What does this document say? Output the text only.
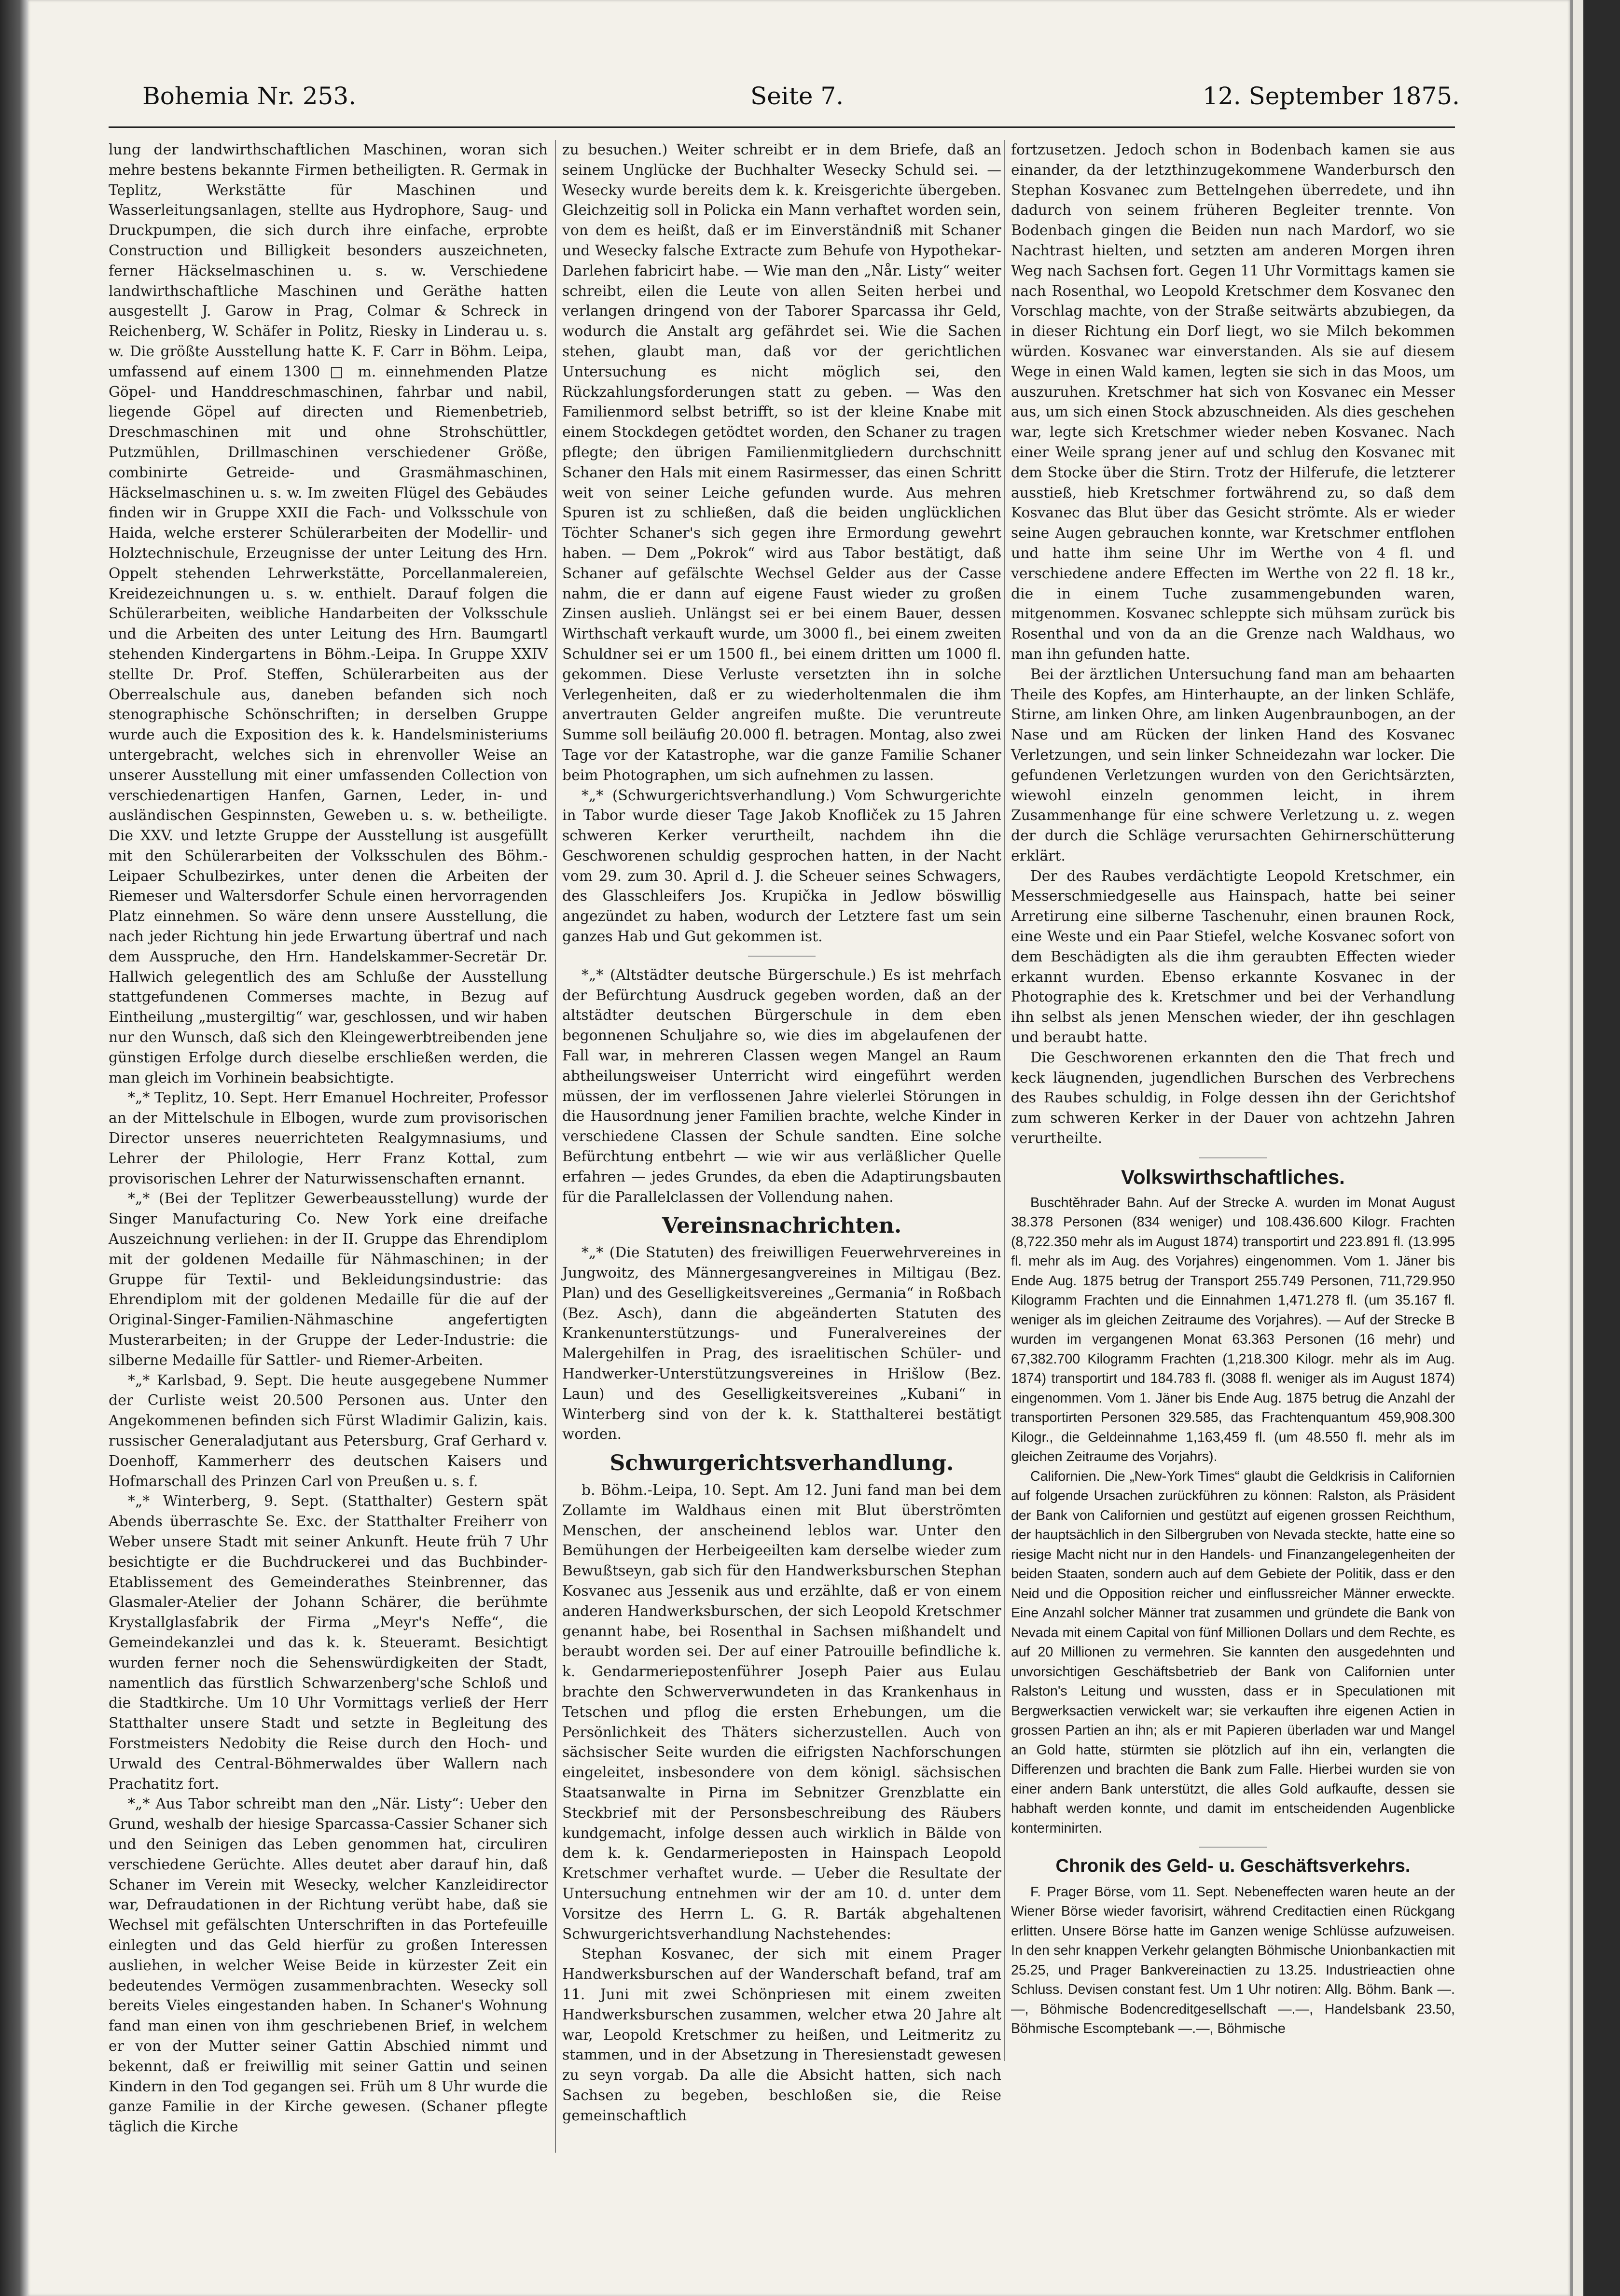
Bohemia Nr. 253.	Seite 7.	12. September 1875.

lung der landwirthschaftlichen Maschinen, woran sich mehre bestens bekannte Firmen betheiligten. R. Germak in Teplitz, Werkstätte für Maschinen und Wasserleitungsanlagen, stellte aus Hydrophore, Saug- und Druckpumpen, die sich durch ihre einfache, erprobte Construction und Billigkeit besonders auszeichneten, ferner Häckselmaschinen u. s. w. Verschiedene landwirthschaftliche Maschinen und Geräthe hatten ausgestellt J. Garow in Prag, Colmar & Schreck in Reichenberg, W. Schäfer in Politz, Riesky in Linderau u. s. w. Die größte Ausstellung hatte K. F. Carr in Böhm. Leipa, umfassend auf einem 1300 □ m. einnehmenden Platze Göpel- und Handdreschmaschinen, fahrbar und nabil, liegende Göpel auf directen und Riemenbetrieb, Dreschmaschinen mit und ohne Strohschüttler, Putzmühlen, Drillmaschinen verschiedener Größe, combinirte Getreide- und Grasmähmaschinen, Häckselmaschinen u. s. w. Im zweiten Flügel des Gebäudes finden wir in Gruppe XXII die Fach- und Volksschule von Haida, welche ersterer Schülerarbeiten der Modellir- und Holztechnischule, Erzeugnisse der unter Leitung des Hrn. Oppelt stehenden Lehrwerkstätte, Porcellanmalereien, Kreidezeichnungen u. s. w. enthielt. Darauf folgen die Schülerarbeiten, weibliche Handarbeiten der Volksschule und die Arbeiten des unter Leitung des Hrn. Baumgartl stehenden Kindergartens in Böhm.-Leipa. In Gruppe XXIV stellte Dr. Prof. Steffen, Schülerarbeiten aus der Oberrealschule aus, daneben befanden sich noch stenographische Schönschriften; in derselben Gruppe wurde auch die Exposition des k. k. Handelsministeriums untergebracht, welches sich in ehrenvoller Weise an unserer Ausstellung mit einer umfassenden Collection von verschiedenartigen Hanfen, Garnen, Leder, in- und ausländischen Gespinnsten, Geweben u. s. w. betheiligte. Die XXV. und letzte Gruppe der Ausstellung ist ausgefüllt mit den Schülerarbeiten der Volksschulen des Böhm.-Leipaer Schulbezirkes, unter denen die Arbeiten der Riemeser und Waltersdorfer Schule einen hervorragenden Platz einnehmen. So wäre denn unsere Ausstellung, die nach jeder Richtung hin jede Erwartung übertraf und nach dem Ausspruche, den Hrn. Handelskammer-Secretär Dr. Hallwich gelegentlich des am Schluße der Ausstellung stattgefundenen Commerses machte, in Bezug auf Eintheilung „mustergiltig“ war, geschlossen, und wir haben nur den Wunsch, daß sich den Kleingewerbtreibenden jene günstigen Erfolge durch dieselbe erschließen werden, die man gleich im Vorhinein beabsichtigte.

*„* Teplitz, 10. Sept. Herr Emanuel Hochreiter, Professor an der Mittelschule in Elbogen, wurde zum provisorischen Director unseres neuerrichteten Realgymnasiums, und Lehrer der Philologie, Herr Franz Kottal, zum provisorischen Lehrer der Naturwissenschaften ernannt.

*„* (Bei der Teplitzer Gewerbeausstellung) wurde der Singer Manufacturing Co. New York eine dreifache Auszeichnung verliehen: in der II. Gruppe das Ehrendiplom mit der goldenen Medaille für Nähmaschinen; in der Gruppe für Textil- und Bekleidungsindustrie: das Ehrendiplom mit der goldenen Medaille für die auf der Original-Singer-Familien-Nähmaschine angefertigten Musterarbeiten; in der Gruppe der Leder-Industrie: die silberne Medaille für Sattler- und Riemer-Arbeiten.

*„* Karlsbad, 9. Sept. Die heute ausgegebene Nummer der Curliste weist 20.500 Personen aus. Unter den Angekommenen befinden sich Fürst Wladimir Galizin, kais. russischer Generaladjutant aus Petersburg, Graf Gerhard v. Doenhoff, Kammerherr des deutschen Kaisers und Hofmarschall des Prinzen Carl von Preußen u. s. f.

*„* Winterberg, 9. Sept. (Statthalter) Gestern spät Abends überraschte Se. Exc. der Statthalter Freiherr von Weber unsere Stadt mit seiner Ankunft. Heute früh 7 Uhr besichtigte er die Buchdruckerei und das Buchbinder-Etablissement des Gemeinderathes Steinbrenner, das Glasmaler-Atelier der Johann Schärer, die berühmte Krystallglasfabrik der Firma „Meyr's Neffe“, die Gemeindekanzlei und das k. k. Steueramt. Besichtigt wurden ferner noch die Sehenswürdigkeiten der Stadt, namentlich das fürstlich Schwarzenberg'sche Schloß und die Stadtkirche. Um 10 Uhr Vormittags verließ der Herr Statthalter unsere Stadt und setzte in Begleitung des Forstmeisters Nedobity die Reise durch den Hoch- und Urwald des Central-Böhmerwaldes über Wallern nach Prachatitz fort.

*„* Aus Tabor schreibt man den „När. Listy“: Ueber den Grund, weshalb der hiesige Sparcassa-Cassier Schaner sich und den Seinigen das Leben genommen hat, circuliren verschiedene Gerüchte. Alles deutet aber darauf hin, daß Schaner im Verein mit Wesecky, welcher Kanzleidirector war, Defraudationen in der Richtung verübt habe, daß sie Wechsel mit gefälschten Unterschriften in das Portefeuille einlegten und das Geld hierfür zu großen Interessen ausliehen, in welcher Weise Beide in kürzester Zeit ein bedeutendes Vermögen zusammenbrachten. Wesecky soll bereits Vieles eingestanden haben. In Schaner's Wohnung fand man einen von ihm geschriebenen Brief, in welchem er von der Mutter seiner Gattin Abschied nimmt und bekennt, daß er freiwillig mit seiner Gattin und seinen Kindern in den Tod gegangen sei. Früh um 8 Uhr wurde die ganze Familie in der Kirche gewesen. (Schaner pflegte täglich die Kirche

zu besuchen.) Weiter schreibt er in dem Briefe, daß an seinem Unglücke der Buchhalter Wesecky Schuld sei. — Wesecky wurde bereits dem k. k. Kreisgerichte übergeben. Gleichzeitig soll in Policka ein Mann verhaftet worden sein, von dem es heißt, daß er im Einverständniß mit Schaner und Wesecky falsche Extracte zum Behufe von Hypothekar-Darlehen fabricirt habe. — Wie man den „Når. Listy“ weiter schreibt, eilen die Leute von allen Seiten herbei und verlangen dringend von der Taborer Sparcassa ihr Geld, wodurch die Anstalt arg gefährdet sei. Wie die Sachen stehen, glaubt man, daß vor der gerichtlichen Untersuchung es nicht möglich sei, den Rückzahlungsforderungen statt zu geben. — Was den Familienmord selbst betrifft, so ist der kleine Knabe mit einem Stockdegen getödtet worden, den Schaner zu tragen pflegte; den übrigen Familienmitgliedern durchschnitt Schaner den Hals mit einem Rasirmesser, das einen Schritt weit von seiner Leiche gefunden wurde. Aus mehren Spuren ist zu schließen, daß die beiden unglücklichen Töchter Schaner's sich gegen ihre Ermordung gewehrt haben. — Dem „Pokrok“ wird aus Tabor bestätigt, daß Schaner auf gefälschte Wechsel Gelder aus der Casse nahm, die er dann auf eigene Faust wieder zu großen Zinsen auslieh. Unlängst sei er bei einem Bauer, dessen Wirthschaft verkauft wurde, um 3000 fl., bei einem zweiten Schuldner sei er um 1500 fl., bei einem dritten um 1000 fl. gekommen. Diese Verluste versetzten ihn in solche Verlegenheiten, daß er zu wiederholtenmalen die ihm anvertrauten Gelder angreifen mußte. Die veruntreute Summe soll beiläufig 20.000 fl. betragen. Montag, also zwei Tage vor der Katastrophe, war die ganze Familie Schaner beim Photographen, um sich aufnehmen zu lassen.

*„* (Schwurgerichtsverhandlung.) Vom Schwurgerichte in Tabor wurde dieser Tage Jakob Knofliček zu 15 Jahren schweren Kerker verurtheilt, nachdem ihn die Geschworenen schuldig gesprochen hatten, in der Nacht vom 29. zum 30. April d. J. die Scheuer seines Schwagers, des Glasschleifers Jos. Krupička in Jedlow böswillig angezündet zu haben, wodurch der Letztere fast um sein ganzes Hab und Gut gekommen ist.

*„* (Altstädter deutsche Bürgerschule.) Es ist mehrfach der Befürchtung Ausdruck gegeben worden, daß an der altstädter deutschen Bürgerschule in dem eben begonnenen Schuljahre so, wie dies im abgelaufenen der Fall war, in mehreren Classen wegen Mangel an Raum abtheilungsweiser Unterricht wird eingeführt werden müssen, der im verflossenen Jahre vielerlei Störungen in die Hausordnung jener Familien brachte, welche Kinder in verschiedene Classen der Schule sandten. Eine solche Befürchtung entbehrt — wie wir aus verläßlicher Quelle erfahren — jedes Grundes, da eben die Adaptirungsbauten für die Parallelclassen der Vollendung nahen.

Vereinsnachrichten.

*„* (Die Statuten) des freiwilligen Feuerwehrvereines in Jungwoitz, des Männergesangvereines in Miltigau (Bez. Plan) und des Geselligkeitsvereines „Germania“ in Roßbach (Bez. Asch), dann die abgeänderten Statuten des Krankenunterstützungs- und Funeralvereines der Malergehilfen in Prag, des israelitischen Schüler- und Handwerker-Unterstützungsvereines in Hrišlow (Bez. Laun) und des Geselligkeitsvereines „Kubani“ in Winterberg sind von der k. k. Statthalterei bestätigt worden.

Schwurgerichtsverhandlung.

b. Böhm.-Leipa, 10. Sept. Am 12. Juni fand man bei dem Zollamte im Waldhaus einen mit Blut überströmten Menschen, der anscheinend leblos war. Unter den Bemühungen der Herbeigeeilten kam derselbe wieder zum Bewußtseyn, gab sich für den Handwerksburschen Stephan Kosvanec aus Jessenik aus und erzählte, daß er von einem anderen Handwerksburschen, der sich Leopold Kretschmer genannt habe, bei Rosenthal in Sachsen mißhandelt und beraubt worden sei. Der auf einer Patrouille befindliche k. k. Gendarmeriepostenführer Joseph Paier aus Eulau brachte den Schwerverwundeten in das Krankenhaus in Tetschen und pflog die ersten Erhebungen, um die Persönlichkeit des Thäters sicherzustellen. Auch von sächsischer Seite wurden die eifrigsten Nachforschungen eingeleitet, insbesondere von dem königl. sächsischen Staatsanwalte in Pirna im Sebnitzer Grenzblatte ein Steckbrief mit der Personsbeschreibung des Räubers kundgemacht, infolge dessen auch wirklich in Bälde von dem k. k. Gendarmerieposten in Hainspach Leopold Kretschmer verhaftet wurde. — Ueber die Resultate der Untersuchung entnehmen wir der am 10. d. unter dem Vorsitze des Herrn L. G. R. Barták abgehaltenen Schwurgerichtsverhandlung Nachstehendes:

Stephan Kosvanec, der sich mit einem Prager Handwerksburschen auf der Wanderschaft befand, traf am 11. Juni mit zwei Schönpriesen mit einem zweiten Handwerksburschen zusammen, welcher etwa 20 Jahre alt war, Leopold Kretschmer zu heißen, und Leitmeritz zu stammen, und in der Absetzung in Theresienstadt gewesen zu seyn vorgab. Da alle die Absicht hatten, sich nach Sachsen zu begeben, beschloßen sie, die Reise gemeinschaftlich

fortzusetzen. Jedoch schon in Bodenbach kamen sie aus einander, da der letzthinzugekommene Wanderbursch den Stephan Kosvanec zum Bettelngehen überredete, und ihn dadurch von seinem früheren Begleiter trennte. Von Bodenbach gingen die Beiden nun nach Mardorf, wo sie Nachtrast hielten, und setzten am anderen Morgen ihren Weg nach Sachsen fort. Gegen 11 Uhr Vormittags kamen sie nach Rosenthal, wo Leopold Kretschmer dem Kosvanec den Vorschlag machte, von der Straße seitwärts abzubiegen, da in dieser Richtung ein Dorf liegt, wo sie Milch bekommen würden. Kosvanec war einverstanden. Als sie auf diesem Wege in einen Wald kamen, legten sie sich in das Moos, um auszuruhen. Kretschmer hat sich von Kosvanec ein Messer aus, um sich einen Stock abzuschneiden. Als dies geschehen war, legte sich Kretschmer wieder neben Kosvanec. Nach einer Weile sprang jener auf und schlug den Kosvanec mit dem Stocke über die Stirn. Trotz der Hilferufe, die letzterer ausstieß, hieb Kretschmer fortwährend zu, so daß dem Kosvanec das Blut über das Gesicht strömte. Als er wieder seine Augen gebrauchen konnte, war Kretschmer entflohen und hatte ihm seine Uhr im Werthe von 4 fl. und verschiedene andere Effecten im Werthe von 22 fl. 18 kr., die in einem Tuche zusammengebunden waren, mitgenommen. Kosvanec schleppte sich mühsam zurück bis Rosenthal und von da an die Grenze nach Waldhaus, wo man ihn gefunden hatte.

Bei der ärztlichen Untersuchung fand man am behaarten Theile des Kopfes, am Hinterhaupte, an der linken Schläfe, Stirne, am linken Ohre, am linken Augenbraunbogen, an der Nase und am Rücken der linken Hand des Kosvanec Verletzungen, und sein linker Schneidezahn war locker. Die gefundenen Verletzungen wurden von den Gerichtsärzten, wiewohl einzeln genommen leicht, in ihrem Zusammenhange für eine schwere Verletzung u. z. wegen der durch die Schläge verursachten Gehirnerschütterung erklärt.

Der des Raubes verdächtigte Leopold Kretschmer, ein Messerschmiedgeselle aus Hainspach, hatte bei seiner Arretirung eine silberne Taschenuhr, einen braunen Rock, eine Weste und ein Paar Stiefel, welche Kosvanec sofort von dem Beschädigten als die ihm geraubten Effecten wieder erkannt wurden. Ebenso erkannte Kosvanec in der Photographie des k. Kretschmer und bei der Verhandlung ihn selbst als jenen Menschen wieder, der ihn geschlagen und beraubt hatte.

Die Geschworenen erkannten den die That frech und keck läugnenden, jugendlichen Burschen des Verbrechens des Raubes schuldig, in Folge dessen ihn der Gerichtshof zum schweren Kerker in der Dauer von achtzehn Jahren verurtheilte.

Volkswirthschaftliches.

Buschtěhrader Bahn. Auf der Strecke A. wurden im Monat August 38.378 Personen (834 weniger) und 108.436.600 Kilogr. Frachten (8,722.350 mehr als im August 1874) transportirt und 223.891 fl. (13.995 fl. mehr als im Aug. des Vorjahres) eingenommen. Vom 1. Jäner bis Ende Aug. 1875 betrug der Transport 255.749 Personen, 711,729.950 Kilogramm Frachten und die Einnahmen 1,471.278 fl. (um 35.167 fl. weniger als im gleichen Zeitraume des Vorjahres). — Auf der Strecke B wurden im vergangenen Monat 63.363 Personen (16 mehr) und 67,382.700 Kilogramm Frachten (1,218.300 Kilogr. mehr als im Aug. 1874) transportirt und 184.783 fl. (3088 fl. weniger als im August 1874) eingenommen. Vom 1. Jäner bis Ende Aug. 1875 betrug die Anzahl der transportirten Personen 329.585, das Frachtenquantum 459,908.300 Kilogr., die Geldeinnahme 1,163,459 fl. (um 48.550 fl. mehr als im gleichen Zeitraume des Vorjahrs).

Californien. Die „New-York Times“ glaubt die Geldkrisis in Californien auf folgende Ursachen zurückführen zu können: Ralston, als Präsident der Bank von Californien und gestützt auf eigenen grossen Reichthum, der hauptsächlich in den Silbergruben von Nevada steckte, hatte eine so riesige Macht nicht nur in den Handels- und Finanzangelegenheiten der beiden Staaten, sondern auch auf dem Gebiete der Politik, dass er den Neid und die Opposition reicher und einflussreicher Männer erweckte. Eine Anzahl solcher Männer trat zusammen und gründete die Bank von Nevada mit einem Capital von fünf Millionen Dollars und dem Rechte, es auf 20 Millionen zu vermehren. Sie kannten den ausgedehnten und unvorsichtigen Geschäftsbetrieb der Bank von Californien unter Ralston's Leitung und wussten, dass er in Speculationen mit Bergwerksactien verwickelt war; sie verkauften ihre eigenen Actien in grossen Partien an ihn; als er mit Papieren überladen war und Mangel an Gold hatte, stürmten sie plötzlich auf ihn ein, verlangten die Differenzen und brachten die Bank zum Falle. Hierbei wurden sie von einer andern Bank unterstützt, die alles Gold aufkaufte, dessen sie habhaft werden konnte, und damit im entscheidenden Augenblicke konterminirten.

Chronik des Geld- u. Geschäftsverkehrs.

F. Prager Börse, vom 11. Sept. Nebeneffecten waren heute an der Wiener Börse wieder favorisirt, während Creditactien einen Rückgang erlitten. Unsere Börse hatte im Ganzen wenige Schlüsse aufzuweisen. In den sehr knappen Verkehr gelangten Böhmische Unionbankactien mit 25.25, und Prager Bankvereinactien zu 13.25. Industrieactien ohne Schluss. Devisen constant fest. Um 1 Uhr notiren: Allg. Böhm. Bank —.—, Böhmische Bodencreditgesellschaft —.—, Handelsbank 23.50, Böhmische Escomptebank —.—, Böhmische
